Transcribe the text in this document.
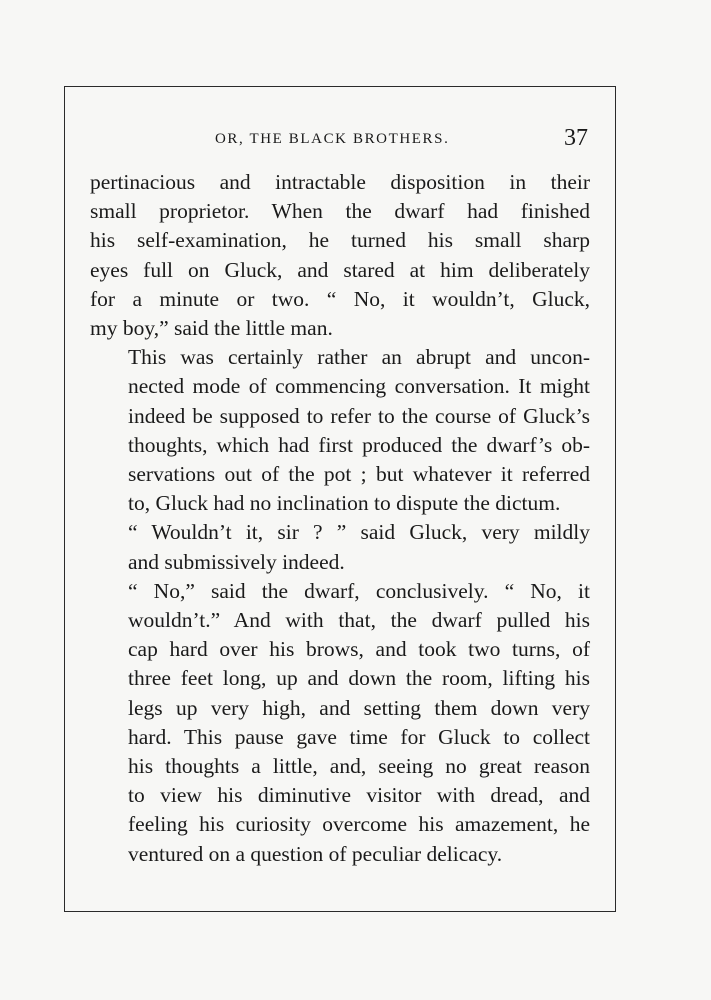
OR, THE BLACK BROTHERS.	37

pertinacious and intractable disposition in their
small proprietor. When the dwarf had finished
his self-examination, he turned his small sharp
eyes full on Gluck, and stared at him deliberately
for a minute or two. “ No, it wouldn’t, Gluck,
my boy,” said the little man.

This was certainly rather an abrupt and uncon-
nected mode of commencing conversation. It might
indeed be supposed to refer to the course of Gluck’s
thoughts, which had first produced the dwarf’s ob-
servations out of the pot ; but whatever it referred
to, Gluck had no inclination to dispute the dictum.

“ Wouldn’t it, sir ? ” said Gluck, very mildly
and submissively indeed.

“ No,” said the dwarf, conclusively. “ No, it
wouldn’t.” And with that, the dwarf pulled his
cap hard over his brows, and took two turns, of
three feet long, up and down the room, lifting his
legs up very high, and setting them down very
hard. This pause gave time for Gluck to collect
his thoughts a little, and, seeing no great reason
to view his diminutive visitor with dread, and
feeling his curiosity overcome his amazement, he
ventured on a question of peculiar delicacy.
